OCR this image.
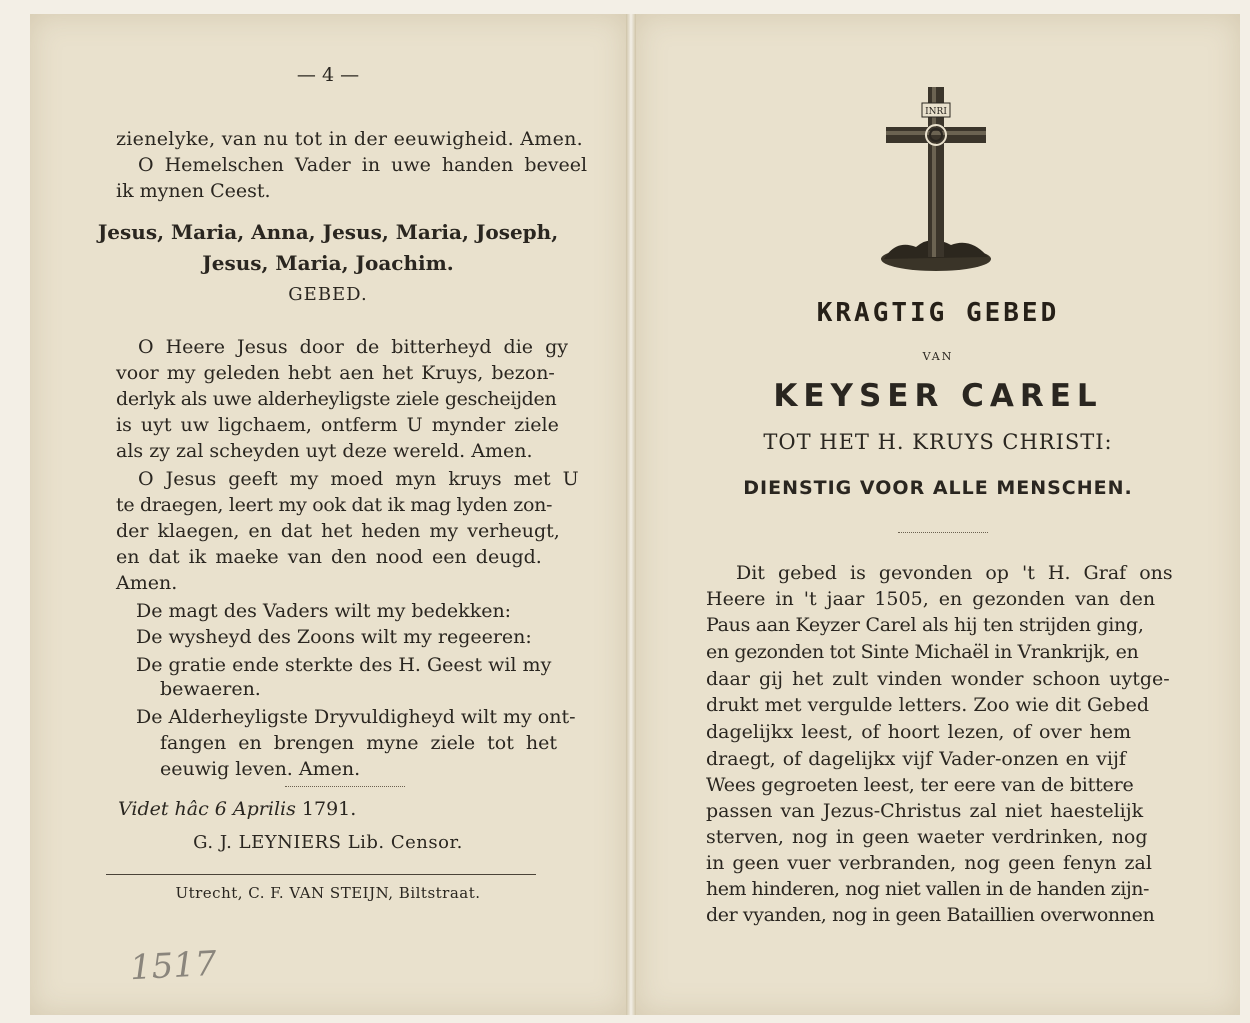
— 4 —
zienelyke, van nu tot in der eeuwigheid. Amen.
O Hemelschen Vader in uwe handen beveel
ik mynen Ceest.
Jesus, Maria, Anna, Jesus, Maria, Joseph,
Jesus, Maria, Joachim.
GEBED.
O Heere Jesus door de bitterheyd die gy
voor my geleden hebt aen het Kruys, bezon-
derlyk als uwe alderheyligste ziele gescheijden
is uyt uw ligchaem, ontferm U mynder ziele
als zy zal scheyden uyt deze wereld. Amen.
O Jesus geeft my moed myn kruys met U
te draegen, leert my ook dat ik mag lyden zon-
der klaegen, en dat het heden my verheugt,
en dat ik maeke van den nood een deugd.
Amen.
De magt des Vaders wilt my bedekken:
De wysheyd des Zoons wilt my regeeren:
De gratie ende sterkte des H. Geest wil my
bewaeren.
De Alderheyligste Dryvuldigheyd wilt my ont-
fangen en brengen myne ziele tot het
eeuwig leven. Amen.
Videt hâc 6 Aprilis 1791.
G. J. LEYNIERS Lib. Censor.
Utrecht, C. F. VAN STEIJN, Biltstraat.
1517
INRI
KRAGTIG GEBED
VAN
KEYSER CAREL
TOT HET H. KRUYS CHRISTI:
DIENSTIG VOOR ALLE MENSCHEN.
Dit gebed is gevonden op 't H. Graf ons
Heere in 't jaar 1505, en gezonden van den
Paus aan Keyzer Carel als hij ten strijden ging,
en gezonden tot Sinte Michaël in Vrankrijk, en
daar gij het zult vinden wonder schoon uytge-
drukt met vergulde letters. Zoo wie dit Gebed
dagelijkx leest, of hoort lezen, of over hem
draegt, of dagelijkx vijf Vader-onzen en vijf
Wees gegroeten leest, ter eere van de bittere
passen van Jezus-Christus zal niet haestelijk
sterven, nog in geen waeter verdrinken, nog
in geen vuer verbranden, nog geen fenyn zal
hem hinderen, nog niet vallen in de handen zijn-
der vyanden, nog in geen Bataillien overwonnen
